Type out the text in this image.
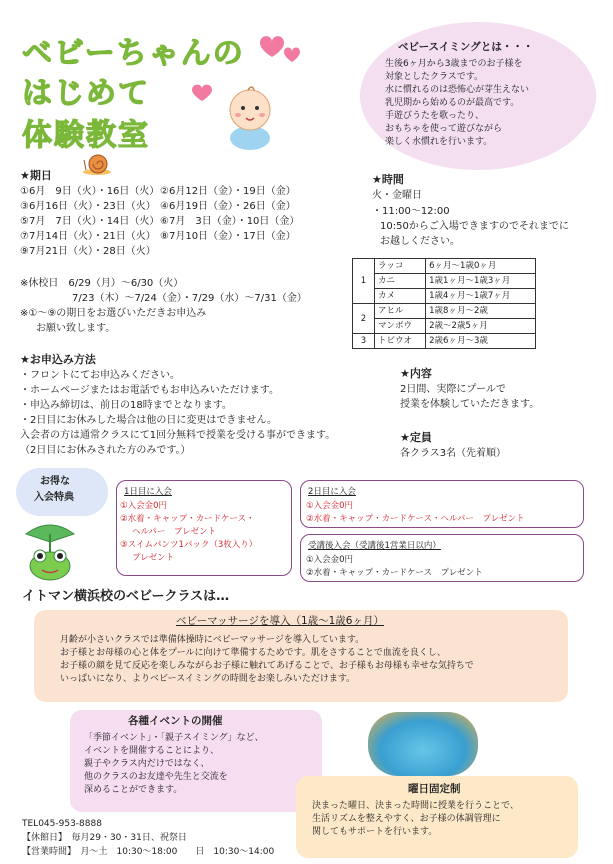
ベビーちゃんの
はじめて
体験教室
ベビースイミングとは・・・
生後6ヶ月から3歳までのお子様を
対象としたクラスです。
水に慣れるのは恐怖心が芽生えない
乳児期から始めるのが最高です。
手遊びうたを歌ったり、
おもちゃを使って遊びながら
楽しく水慣れを行います。
★期日
①6月　9日（火）・16日（火）
③6月16日（火）・23日（火）
⑤7月　7日（火）・14日（火）
⑦7月14日（火）・21日（火）
⑨7月21日（火）・28日（火）
②6月12日（金）・19日（金）
④6月19日（金）・26日（金）
⑥7月　3日（金）・10日（金）
⑧7月10日（金）・17日（金）
※休校日　6/29（月）〜6/30（火）
7/23（木）〜7/24（金）・7/29（水）〜7/31（金）
※①〜⑨の期日をお選びいただきお申込み
お願い致します。
★時間
火・金曜日
・11:00〜12:00
10:50からご入場できますのでそれまでに
お越しください。
1	ラッコ	6ヶ月〜1歳0ヶ月
	カニ	1歳1ヶ月〜1歳3ヶ月
	カメ	1歳4ヶ月〜1歳7ヶ月
2	アヒル	1歳8ヶ月〜2歳
	マンボウ	2歳〜2歳5ヶ月
3	トビウオ	2歳6ヶ月〜3歳
★お申込み方法
・フロントにてお申込みください。
・ホームページまたはお電話でもお申込みいただけます。
・申込み締切は、前日の18時までとなります。
・2日目にお休みした場合は他の日に変更はできません。
入会者の方は通常クラスにて1回分無料で授業を受ける事ができます。
（2日目にお休みされた方のみです。）
★内容
2日間、実際にプールで
授業を体験していただきます。
★定員
各クラス3名（先着順）
お得な
入会特典	1日目に入会
①入会金0円
②水着・キャップ・カードケース・
ヘルパー　プレゼント
③スイムパンツ1パック（3枚入り）
プレゼント
2日目に入会
①入会金0円
②水着・キャップ・カードケース・ヘルパー　プレゼント
受講後入会（受講後1営業日以内）
①入会金0円
②水着・キャップ・カードケース　プレゼント
イトマン横浜校のベビークラスは…
ベビーマッサージを導入（1歳〜1歳6ヶ月）
月齢が小さいクラスでは準備体操時にベビーマッサージを導入しています。
お子様とお母様の心と体をプールに向けて準備するためです。肌をさすることで血流を良くし、
お子様の顔を見て反応を楽しみながらお子様に触れてあげることで、お子様もお母様も幸せな気持ちで
いっぱいになり、よりベビースイミングの時間をお楽しみいただけます。
各種イベントの開催
「季節イベント」・「親子スイミング」など、
イベントを開催することにより、
親子やクラス内だけではなく、
他のクラスのお友達や先生と交流を
深めることができます。	曜日固定制
決まった曜日、決まった時間に授業を行うことで、
生活リズムを整えやすく、お子様の体調管理に
関してもサポートを行います。
TEL045-953-8888
【休館日】　毎月29・30・31日、祝祭日
【営業時間】　月〜土　10:30〜18:00　　日　10:30〜14:00
